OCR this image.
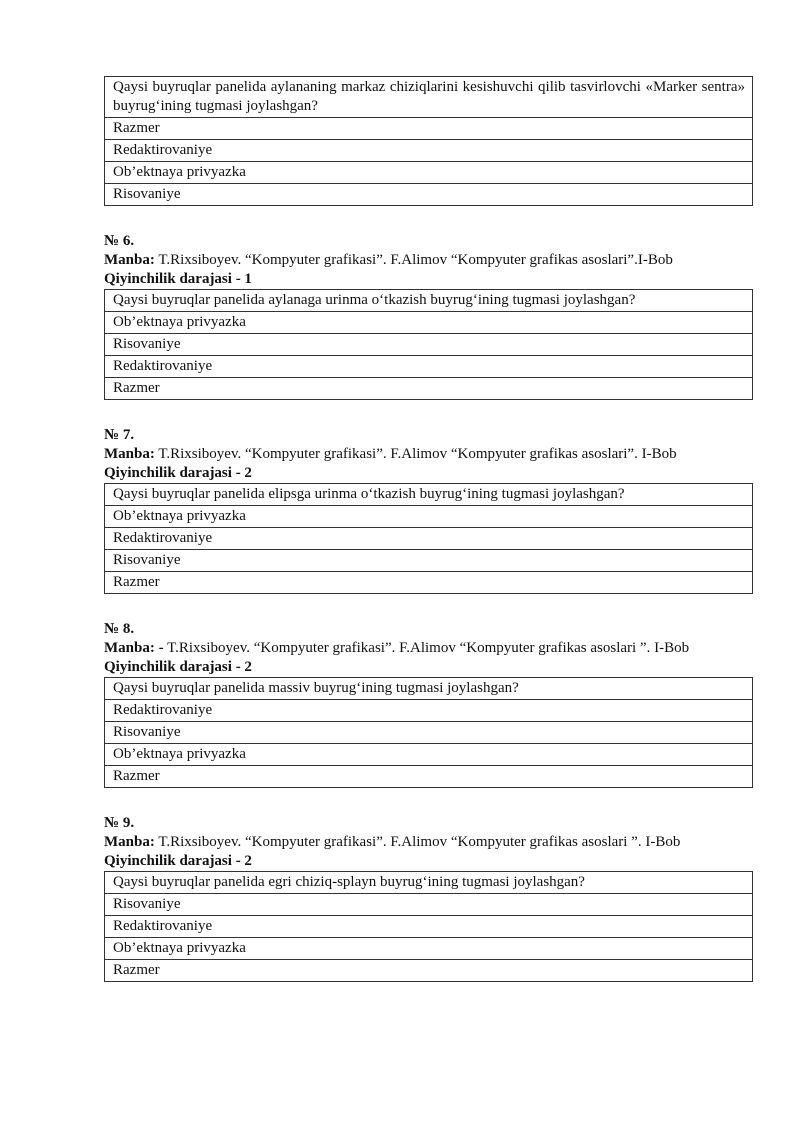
Qaysi buyruqlar panelida aylananing markaz chiziqlarini kesishuvchi qilib tasvirlovchi «Marker sentra» buyrug‘ining tugmasi joylashgan?
Razmer
Redaktirovaniye
Ob’ektnaya privyazka
Risovaniye
№ 6.
Manba: T.Rixsiboyev. “Kompyuter grafikasi”. F.Alimov “Kompyuter grafikas asoslari”.I-Bob
Qiyinchilik darajasi - 1
Qaysi buyruqlar panelida aylanaga urinma o‘tkazish buyrug‘ining tugmasi joylashgan?
Ob’ektnaya privyazka
Risovaniye
Redaktirovaniye
Razmer
№ 7.
Manba: T.Rixsiboyev. “Kompyuter grafikasi”. F.Alimov “Kompyuter grafikas asoslari”. I-Bob
Qiyinchilik darajasi - 2
Qaysi buyruqlar panelida elipsga urinma o‘tkazish buyrug‘ining tugmasi joylashgan?
Ob’ektnaya privyazka
Redaktirovaniye
Risovaniye
Razmer
№ 8.
Manba: - T.Rixsiboyev. “Kompyuter grafikasi”. F.Alimov “Kompyuter grafikas asoslari ”. I-Bob
Qiyinchilik darajasi - 2
Qaysi buyruqlar panelida massiv buyrug‘ining tugmasi joylashgan?
Redaktirovaniye
Risovaniye
Ob’ektnaya privyazka
Razmer
№ 9.
Manba: T.Rixsiboyev. “Kompyuter grafikasi”. F.Alimov “Kompyuter grafikas asoslari ”. I-Bob
Qiyinchilik darajasi - 2
Qaysi buyruqlar panelida egri chiziq-splayn buyrug‘ining tugmasi joylashgan?
Risovaniye
Redaktirovaniye
Ob’ektnaya privyazka
Razmer
